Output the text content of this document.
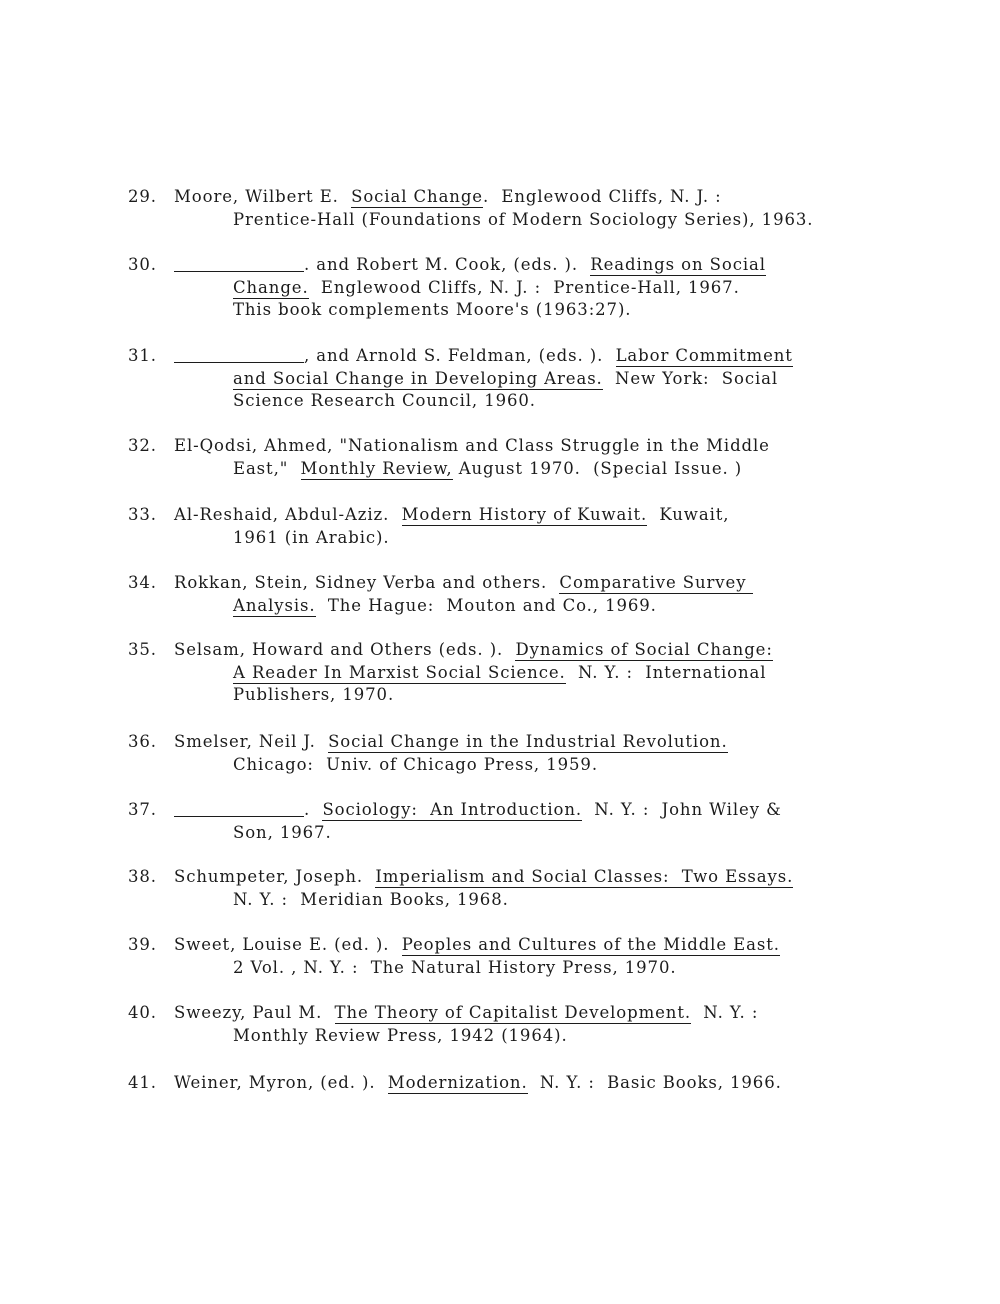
29.	Moore, Wilbert E.  Social Change.  Englewood Cliffs, N. J. :
Prentice-Hall (Foundations of Modern Sociology Series), 1963.
30.	. and Robert M. Cook, (eds. ).  Readings on Social
Change.  Englewood Cliffs, N. J. :  Prentice-Hall, 1967.
This book complements Moore's (1963:27).
31.	, and Arnold S. Feldman, (eds. ).  Labor Commitment
and Social Change in Developing Areas.  New York:  Social
Science Research Council, 1960.
32.	El-Qodsi, Ahmed, "Nationalism and Class Struggle in the Middle
East,"  Monthly Review, August 1970.  (Special Issue. )
33.	Al-Reshaid, Abdul-Aziz.  Modern History of Kuwait.  Kuwait,
1961 (in Arabic).
34.	Rokkan, Stein, Sidney Verba and others.  Comparative Survey
Analysis.  The Hague:  Mouton and Co., 1969.
35.	Selsam, Howard and Others (eds. ).  Dynamics of Social Change:
A Reader In Marxist Social Science.  N. Y. :  International
Publishers, 1970.
36.	Smelser, Neil J.  Social Change in the Industrial Revolution.
Chicago:  Univ. of Chicago Press, 1959.
37.	.  Sociology:  An Introduction.  N. Y. :  John Wiley &
Son, 1967.
38.	Schumpeter, Joseph.  Imperialism and Social Classes:  Two Essays.
N. Y. :  Meridian Books, 1968.
39.	Sweet, Louise E. (ed. ).  Peoples and Cultures of the Middle East.
2 Vol. , N. Y. :  The Natural History Press, 1970.
40.	Sweezy, Paul M.  The Theory of Capitalist Development.  N. Y. :
Monthly Review Press, 1942 (1964).
41.	Weiner, Myron, (ed. ).  Modernization.  N. Y. :  Basic Books, 1966.
